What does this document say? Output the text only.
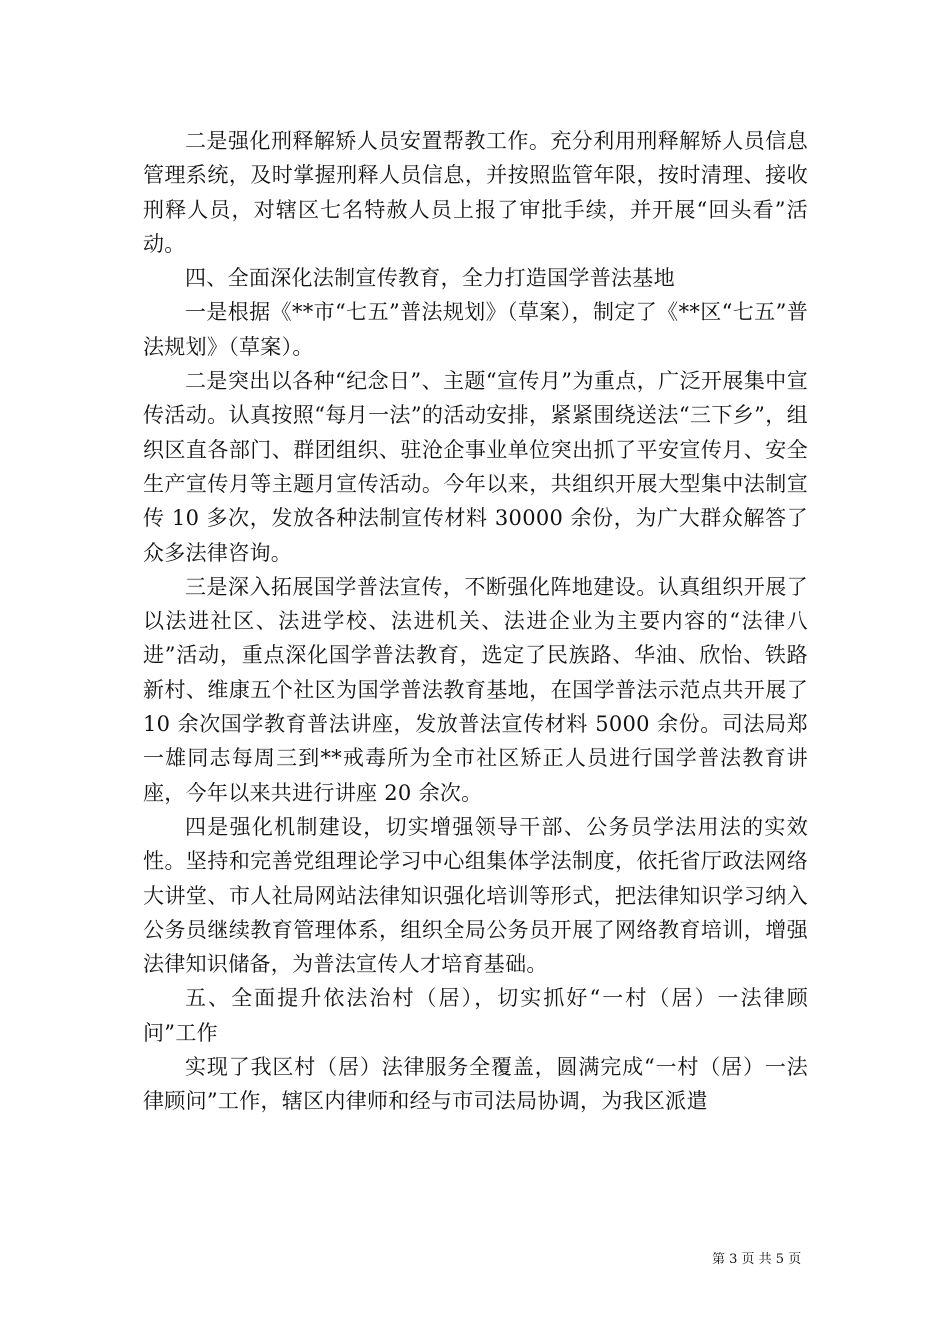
二是强化刑释解矫人员安置帮教工作。充分利用刑释解矫人员信息管理系统，及时掌握刑释人员信息，并按照监管年限，按时清理、接收刑释人员，对辖区七名特赦人员上报了审批手续，并开展“回头看”活动。

四、全面深化法制宣传教育，全力打造国学普法基地

一是根据《**市“七五”普法规划》（草案），制定了《**区“七五”普法规划》（草案）。

二是突出以各种“纪念日”、主题“宣传月”为重点，广泛开展集中宣传活动。认真按照“每月一法”的活动安排，紧紧围绕送法“三下乡”，组织区直各部门、群团组织、驻沧企事业单位突出抓了平安宣传月、安全生产宣传月等主题月宣传活动。今年以来，共组织开展大型集中法制宣传 10 多次，发放各种法制宣传材料 30000 余份，为广大群众解答了众多法律咨询。

三是深入拓展国学普法宣传，不断强化阵地建设。认真组织开展了以法进社区、法进学校、法进机关、法进企业为主要内容的“法律八进”活动，重点深化国学普法教育，选定了民族路、华油、欣怡、铁路新村、维康五个社区为国学普法教育基地，在国学普法示范点共开展了 10 余次国学教育普法讲座，发放普法宣传材料 5000 余份。司法局郑一雄同志每周三到**戒毒所为全市社区矫正人员进行国学普法教育讲座，今年以来共进行讲座 20 余次。

四是强化机制建设，切实增强领导干部、公务员学法用法的实效性。坚持和完善党组理论学习中心组集体学法制度，依托省厅政法网络大讲堂、市人社局网站法律知识强化培训等形式，把法律知识学习纳入公务员继续教育管理体系，组织全局公务员开展了网络教育培训，增强法律知识储备，为普法宣传人才培育基础。

五、全面提升依法治村（居），切实抓好“一村（居）一法律顾问”工作

实现了我区村（居）法律服务全覆盖，圆满完成“一村（居）一法律顾问”工作，辖区内律师和经与市司法局协调，为我区派遣

第 3 页 共 5 页
